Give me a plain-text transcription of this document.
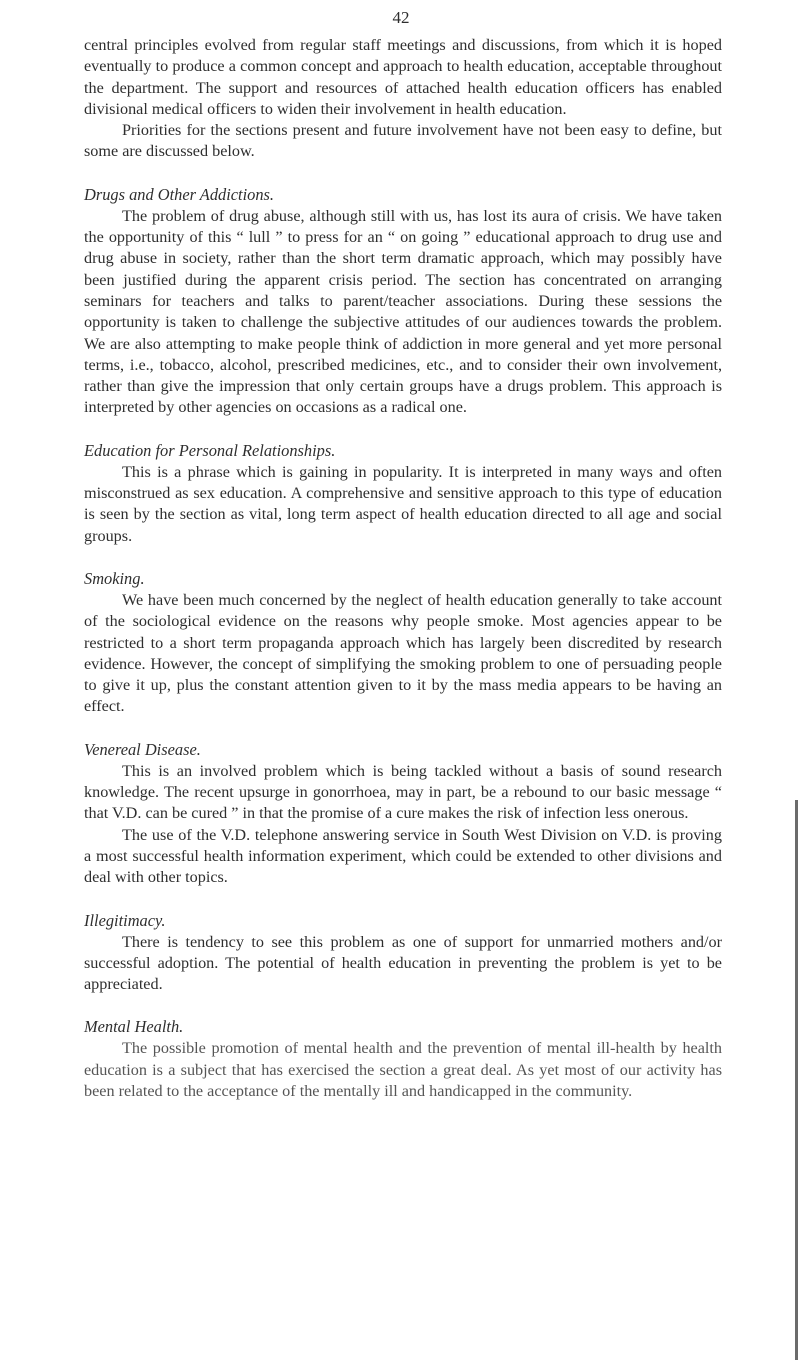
42

central principles evolved from regular staff meetings and discussions, from which it is hoped eventually to produce a common concept and approach to health education, acceptable throughout the department. The support and resources of attached health education officers has enabled divisional medical officers to widen their involvement in health education.

Priorities for the sections present and future involvement have not been easy to define, but some are discussed below.

Drugs and Other Addictions.

The problem of drug abuse, although still with us, has lost its aura of crisis. We have taken the opportunity of this “ lull ” to press for an “ on going ” educational approach to drug use and drug abuse in society, rather than the short term dramatic approach, which may possibly have been justified during the apparent crisis period. The section has concentrated on arranging seminars for teachers and talks to parent/teacher associations. During these sessions the opportunity is taken to challenge the subjective attitudes of our audiences towards the problem. We are also attempting to make people think of addiction in more general and yet more personal terms, i.e., tobacco, alcohol, prescribed medicines, etc., and to consider their own involvement, rather than give the impression that only certain groups have a drugs problem. This approach is interpreted by other agencies on occasions as a radical one.

Education for Personal Relationships.

This is a phrase which is gaining in popularity. It is interpreted in many ways and often misconstrued as sex education. A comprehensive and sensitive approach to this type of education is seen by the section as vital, long term aspect of health education directed to all age and social groups.

Smoking.

We have been much concerned by the neglect of health education generally to take account of the sociological evidence on the reasons why people smoke. Most agencies appear to be restricted to a short term propaganda approach which has largely been discredited by research evidence. However, the concept of simplifying the smoking problem to one of persuading people to give it up, plus the constant attention given to it by the mass media appears to be having an effect.

Venereal Disease.

This is an involved problem which is being tackled without a basis of sound research knowledge. The recent upsurge in gonorrhoea, may in part, be a rebound to our basic message “ that V.D. can be cured ” in that the promise of a cure makes the risk of infection less onerous.

The use of the V.D. telephone answering service in South West Division on V.D. is proving a most successful health information experiment, which could be extended to other divisions and deal with other topics.

Illegitimacy.

There is tendency to see this problem as one of support for unmarried mothers and/or successful adoption. The potential of health education in preventing the problem is yet to be appreciated.

Mental Health.

The possible promotion of mental health and the prevention of mental ill-health by health education is a subject that has exercised the section a great deal. As yet most of our activity has been related to the acceptance of the mentally ill and handicapped in the community.
